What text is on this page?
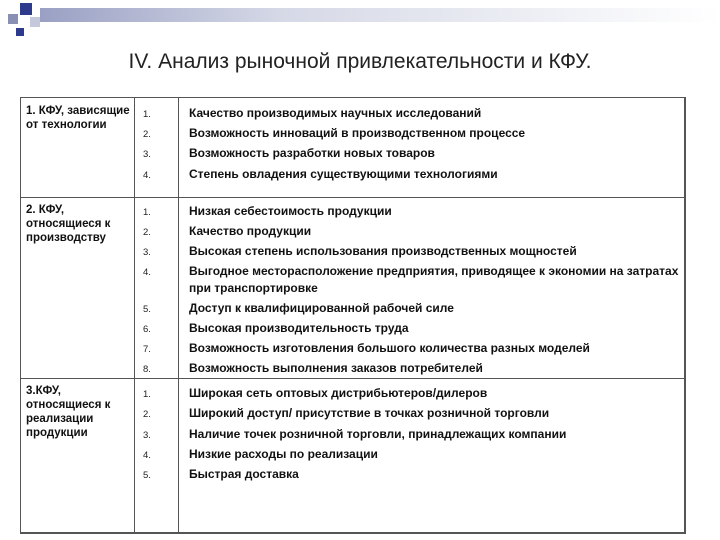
IV. Анализ рыночной привлекательности и КФУ.
1. КФУ, зависящие от технологии
1.
2.
3.
4.
Качество производимых научных исследований
Возможность инноваций в производственном процессе
Возможность разработки новых товаров
Степень овладения существующими технологиями
2. КФУ, относящиеся к производству
1.
2.
3.
4.
5.
6.
7.
8.
Низкая себестоимость продукции
Качество продукции
Высокая степень использования производственных мощностей
Выгодное месторасположение предприятия, приводящее к экономии на затратах при транспортировке
Доступ к квалифицированной рабочей силе
Высокая производительность труда
Возможность изготовления большого количества разных моделей
Возможность выполнения заказов потребителей
3.КФУ, относящиеся к реализации продукции
1.
2.
3.
4.
5.
Широкая сеть оптовых дистрибьютеров/дилеров
Широкий доступ/ присутствие в точках розничной торговли
Наличие точек розничной торговли, принадлежащих компании
Низкие расходы по реализации
Быстрая доставка
